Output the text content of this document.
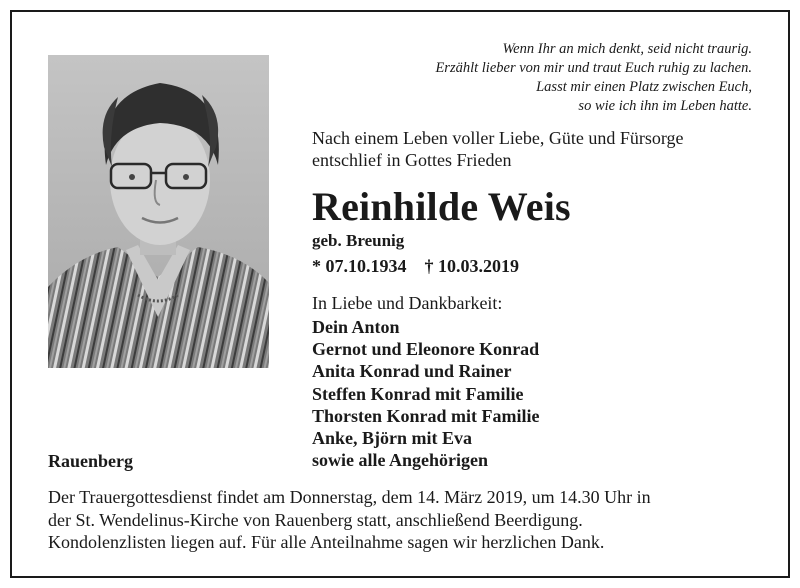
Wenn Ihr an mich denkt, seid nicht traurig.
Erzählt lieber von mir und traut Euch ruhig zu lachen.
Lasst mir einen Platz zwischen Euch,
so wie ich ihn im Leben hatte.
Nach einem Leben voller Liebe, Güte und Fürsorge
entschlief in Gottes Frieden
Reinhilde Weis
geb. Breunig
* 07.10.1934 † 10.03.2019
In Liebe und Dankbarkeit:
Dein Anton
Gernot und Eleonore Konrad
Anita Konrad und Rainer
Steffen Konrad mit Familie
Thorsten Konrad mit Familie
Anke, Björn mit Eva
sowie alle Angehörigen
Rauenberg
Der Trauergottesdienst findet am Donnerstag, dem 14. März 2019, um 14.30 Uhr in
der St. Wendelinus-Kirche von Rauenberg statt, anschließend Beerdigung.
Kondolenzlisten liegen auf. Für alle Anteilnahme sagen wir herzlichen Dank.
